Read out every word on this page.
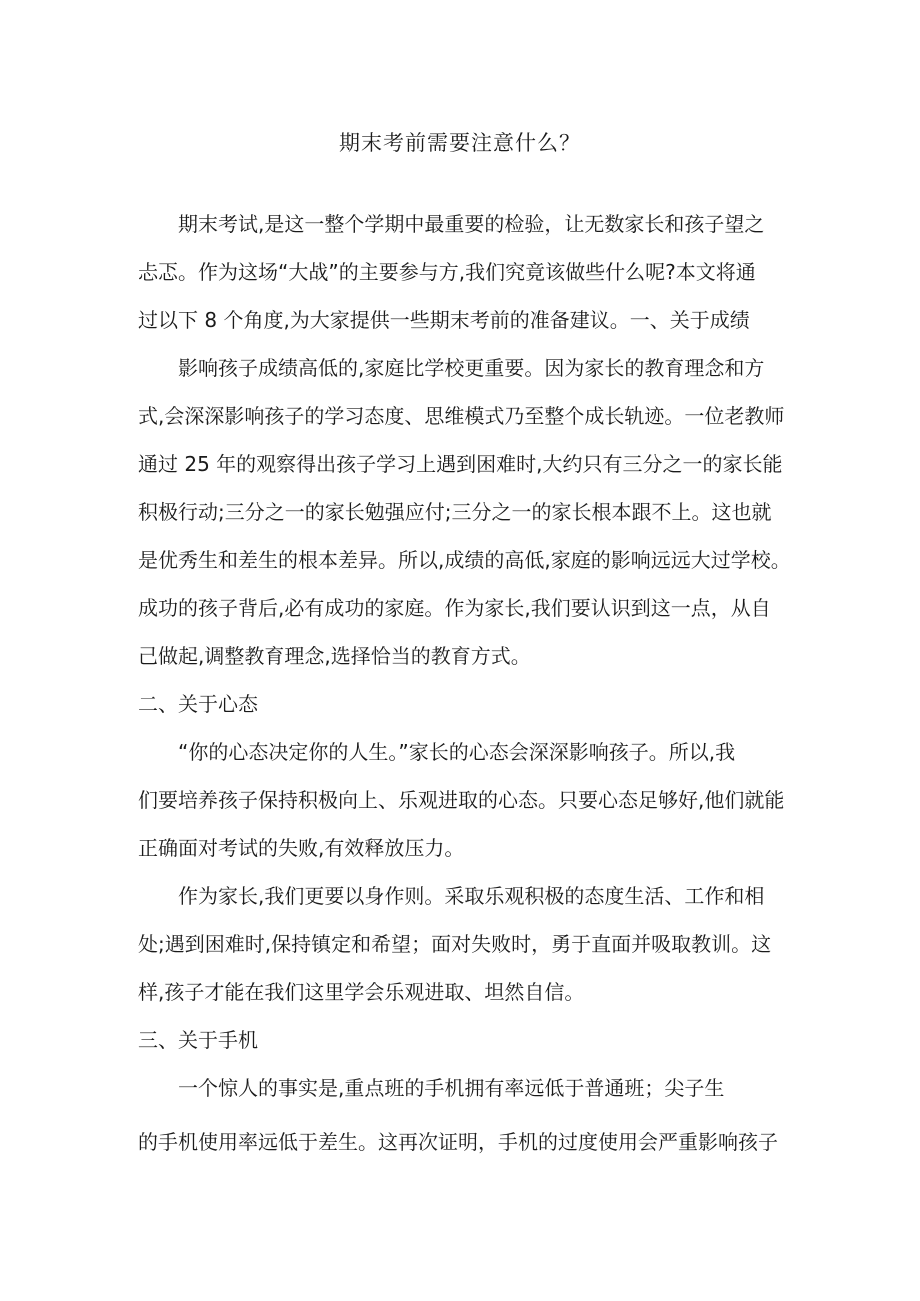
期末考前需要注意什么？

　　期末考试,是这一整个学期中最重要的检验，让无数家长和孩子望之

忐忑。作为这场“大战”的主要参与方,我们究竟该做些什么呢?本文将通

过以下 8 个角度,为大家提供一些期末考前的准备建议。一、关于成绩

　　影响孩子成绩高低的,家庭比学校更重要。因为家长的教育理念和方

式,会深深影响孩子的学习态度、思维模式乃至整个成长轨迹。一位老教师

通过 25 年的观察得出孩子学习上遇到困难时,大约只有三分之一的家长能

积极行动;三分之一的家长勉强应付;三分之一的家长根本跟不上。这也就

是优秀生和差生的根本差异。所以,成绩的高低,家庭的影响远远大过学校。

成功的孩子背后,必有成功的家庭。作为家长,我们要认识到这一点，从自

己做起,调整教育理念,选择恰当的教育方式。

二、关于心态

　　“你的心态决定你的人生。”家长的心态会深深影响孩子。所以,我

们要培养孩子保持积极向上、乐观进取的心态。只要心态足够好,他们就能

正确面对考试的失败,有效释放压力。

　　作为家长,我们更要以身作则。采取乐观积极的态度生活、工作和相

处;遇到困难时,保持镇定和希望；面对失败时，勇于直面并吸取教训。这

样,孩子才能在我们这里学会乐观进取、坦然自信。

三、关于手机

　　一个惊人的事实是,重点班的手机拥有率远低于普通班；尖子生

的手机使用率远低于差生。这再次证明，手机的过度使用会严重影响孩子
